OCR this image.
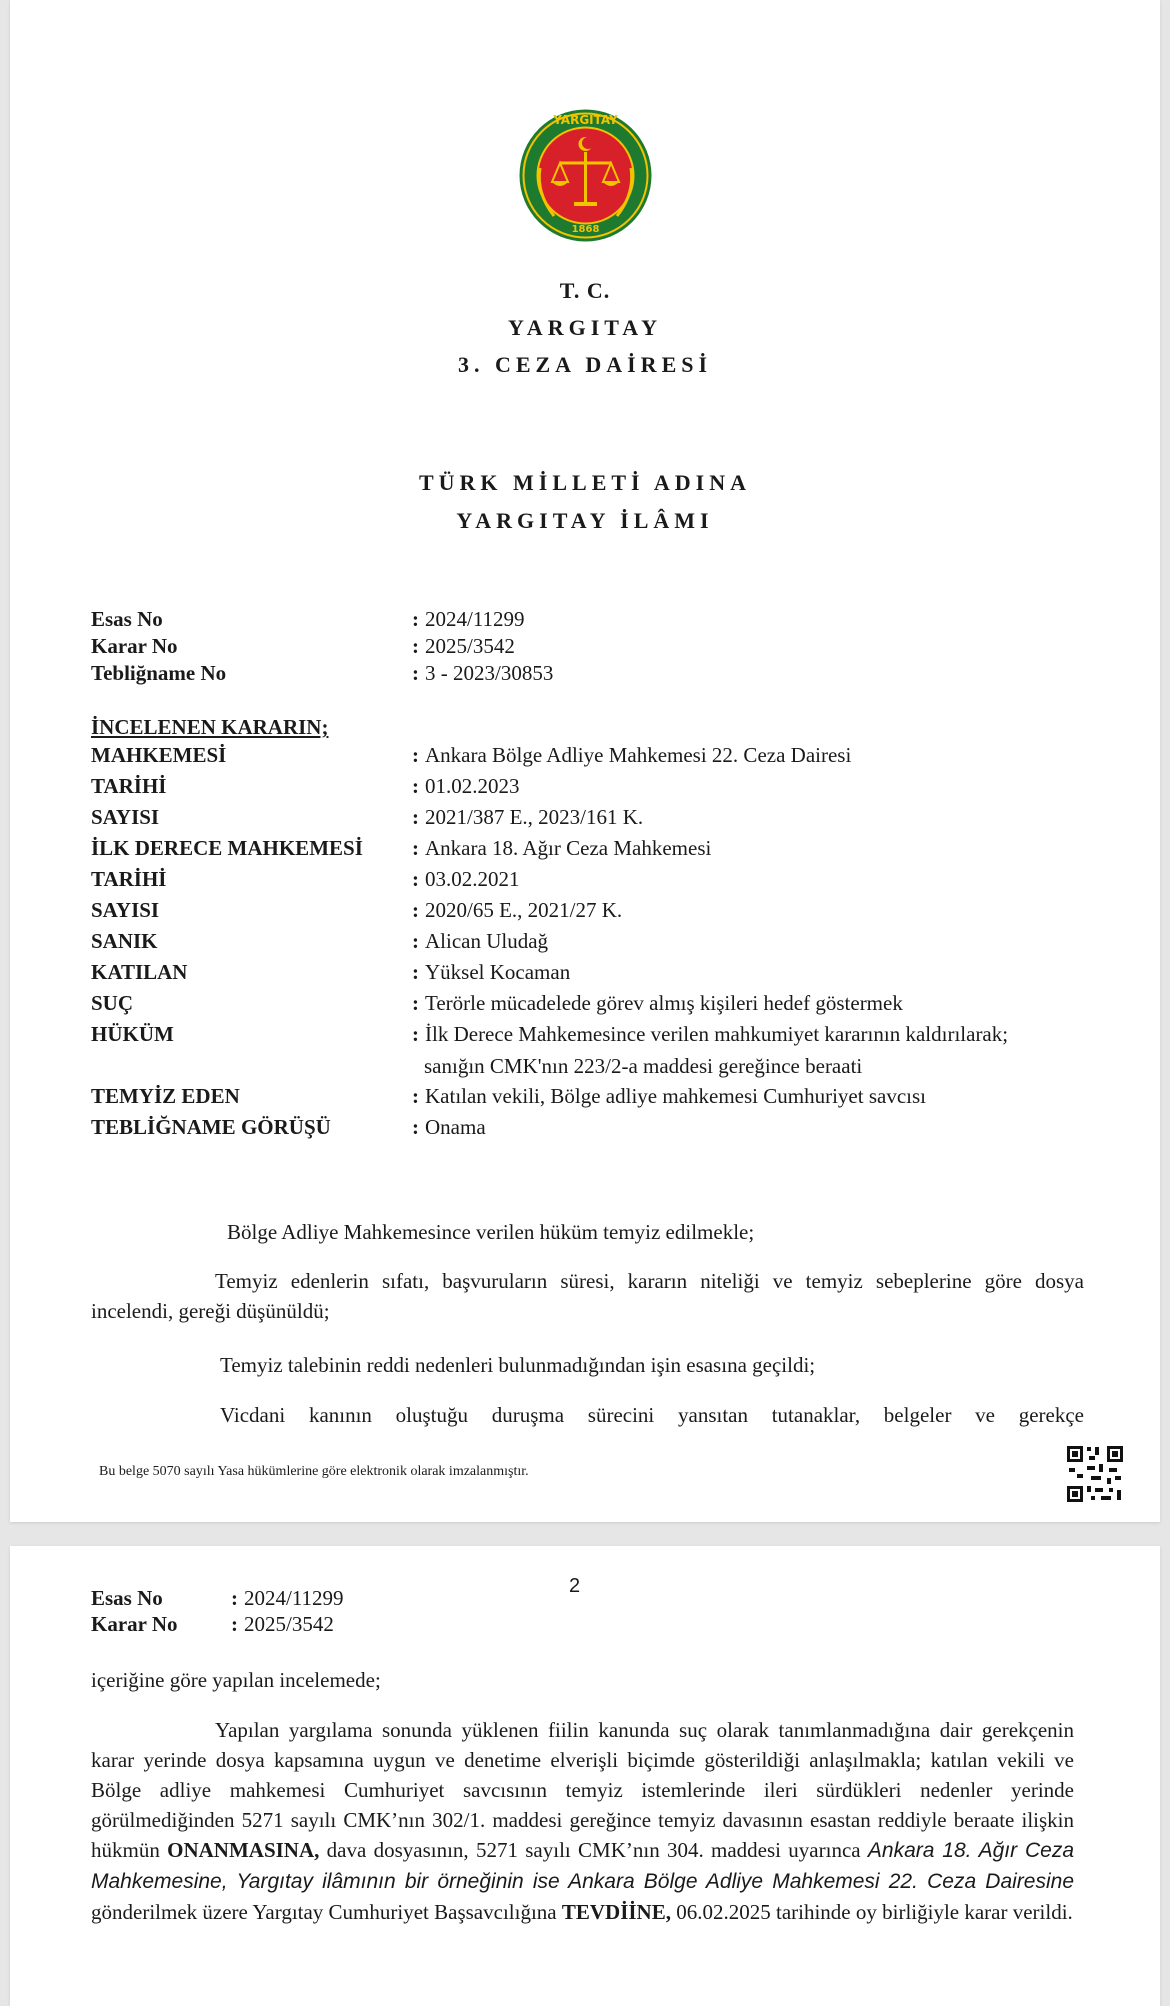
1868
YARGITAY
T. C.
YARGITAY
3. CEZA DAİRESİ
TÜRK MİLLETİ ADINA
YARGITAY İLÂMI
Esas No	: 2024/11299
Karar No	: 2025/3542
Tebliğname No	: 3 - 2023/30853
İNCELENEN KARARIN;
MAHKEMESİ	: Ankara Bölge Adliye Mahkemesi 22. Ceza Dairesi
TARİHİ	: 01.02.2023
SAYISI	: 2021/387 E., 2023/161 K.
İLK DERECE MAHKEMESİ : Ankara 18. Ağır Ceza Mahkemesi
TARİHİ	: 03.02.2021
SAYISI	: 2020/65 E., 2021/27 K.
SANIK	: Alican Uludağ
KATILAN	: Yüksel Kocaman
SUÇ	: Terörle mücadelede görev almış kişileri hedef göstermek
HÜKÜM	: İlk Derece Mahkemesince verilen mahkumiyet kararının kaldırılarak;
sanığın CMK'nın 223/2-a maddesi gereğince beraati
TEMYİZ EDEN	: Katılan vekili, Bölge adliye mahkemesi Cumhuriyet savcısı
TEBLİĞNAME GÖRÜŞÜ	: Onama
Bölge Adliye Mahkemesince verilen hüküm temyiz edilmekle;
Temyiz edenlerin sıfatı, başvuruların süresi, kararın niteliği ve temyiz sebeplerine göre dosya incelendi, gereği düşünüldü;
Temyiz talebinin reddi nedenleri bulunmadığından işin esasına geçildi;
Vicdani kanının oluştuğu duruşma sürecini yansıtan tutanaklar, belgeler ve gerekçe
Bu belge 5070 sayılı Yasa hükümlerine göre elektronik olarak imzalanmıştır.
Esas No	: 2024/11299
Karar No	: 2025/3542
2
içeriğine göre yapılan incelemede;
Yapılan yargılama sonunda yüklenen fiilin kanunda suç olarak tanımlanmadığına dair gerekçenin karar yerinde dosya kapsamına uygun ve denetime elverişli biçimde gösterildiği anlaşılmakla; katılan vekili ve Bölge adliye mahkemesi Cumhuriyet savcısının temyiz istemlerinde ileri sürdükleri nedenler yerinde görülmediğinden 5271 sayılı CMK’nın 302/1. maddesi gereğince temyiz davasının esastan reddiyle beraate ilişkin hükmün ONANMASINA, dava dosyasının, 5271 sayılı CMK’nın 304. maddesi uyarınca Ankara 18. Ağır Ceza Mahkemesine, Yargıtay ilâmının bir örneğinin ise Ankara Bölge Adliye Mahkemesi 22. Ceza Dairesine gönderilmek üzere Yargıtay Cumhuriyet Başsavcılığına TEVDİİNE, 06.02.2025 tarihinde oy birliğiyle karar verildi.
